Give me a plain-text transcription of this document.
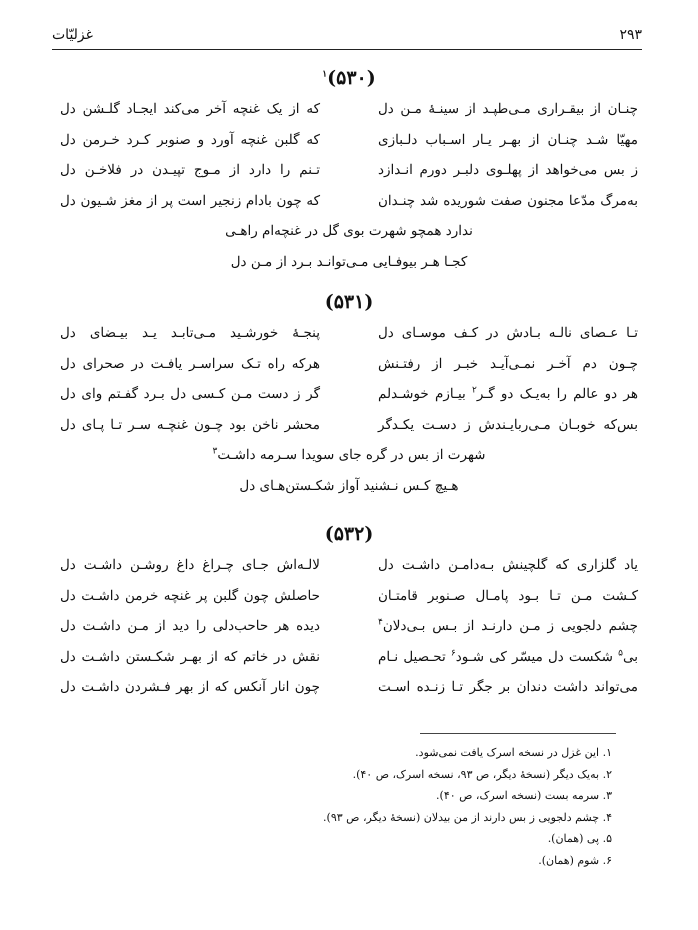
۲۹۳
غزلیّات
(۵۳۰)$^۱$
چنـان از بیقـراری مـی‌طپـد از سینـهٔ مـن دل
که از یک غنچه آخر می‌کند ایجـاد گلـشن دل
مهیّا شـد چنـان از بهـر یـار اسـباب دلـبازی
که گلبن غنچه آورد و صنوبر کـرد خـرمن دل
ز بس می‌خواهد از پهلـوی دلبـر دورم انـدازد
تـنم را دارد از مـوج تپیـدن در فلاخـن دل
به‌مرگ مدّعا مجنون صفت شوریده شد چنـدان
که چون بادام زنجیر است پر از مغز شـیون دل
ندارد همچو شهرت بوی گل در غنچه‌ام راهـی
کجـا هـر بیوفـایی مـی‌توانـد بـرد از مـن دل
(۵۳۱)
تـا عـصای نالـه بـادش در کـف موسـای دل
پنجـهٔ خورشـید مـی‌تابـد یـد بیـضای دل
چـون دم آخـر نمـی‌آیـد خبـر از رفتـنش
هرکه راه تـک سراسـر یافـت در صحرای دل
هر دو عالم را به‌یـک دو گـر$^۲$ بیـازم خوشـدلم
گر ز دست مـن کـسی دل بـرد گفـتم وای دل
بس‌که خوبـان مـی‌ربایـندش ز دسـت یکـدگر
محشر ناخن بود چـون غنچـه سـر تـا پـای دل
شهرت از بس در گره جای سویدا سـرمه داشـت$^۳$
هـیچ کـس نـشنید آواز شکـستن‌هـای دل
(۵۳۲)
یاد گلزاری که گلچینش بـه‌دامـن داشـت دل
لالـه‌اش جـای چـراغ داغ روشـن داشـت دل
کـشت مـن تـا بـود پامـال صـنوبر قامتـان
حاصلش چون گلبن پر غنچه خرمن داشـت دل
چشم دلجویی ز مـن دارنـد از بـس بـی‌دلان$^۴$
دیده هر حاحب‌دلی را دید از مـن داشـت دل
بی$^۵$ شکست دل میسّر کی شـود$^۶$ تحـصیل نـام
نقش در خاتم که از بهـر شکـستن داشـت دل
می‌تواند داشت دندان بر جگر تـا زنـده اسـت
چون انار آنکس که از بهر فـشردن داشـت دل
۱. این غزل در نسخه اسرک یافت نمی‌شود.
۲. به‌یک دیگر (نسخهٔ دیگر، ص ۹۳، نسخه اسرک، ص ۴۰).
۳. سرمه بست (نسخه اسرک، ص ۴۰).
۴. چشم دلجویی ز بس دارند از من بیدلان (نسخهٔ دیگر، ص ۹۳).
۵. پی (همان).
۶. شوم (همان).
